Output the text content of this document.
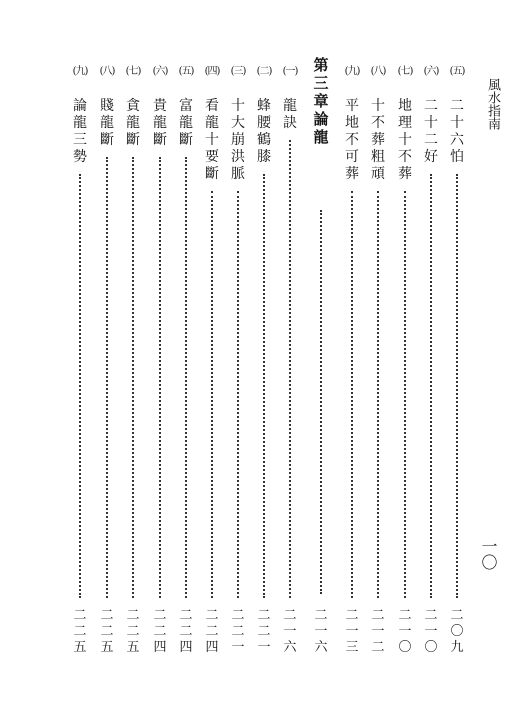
風水指南
一〇
(五)
二
十
六
怕
二
〇
九
(六)
二
十
二
好
二
一
〇
(七)
地
理
十
不
葬
二
一
〇
(八)
十
不
葬
粗
頑
二
一
二
(九)
平
地
不
可
葬
二
一
三
第
三
章
論
龍
二
一
六
(一)
龍
訣
二
一
六
(二)
蜂
腰
鶴
膝
二
二
一
(三)
十
大
崩
洪
脈
二
二
一
(四)
看
龍
十
要
斷
二
二
四
(五)
富
龍
斷
二
二
四
(六)
貴
龍
斷
二
二
四
(七)
貪
龍
斷
二
二
五
(八)
賤
龍
斷
二
二
五
(九)
論
龍
三
勢
二
二
五
